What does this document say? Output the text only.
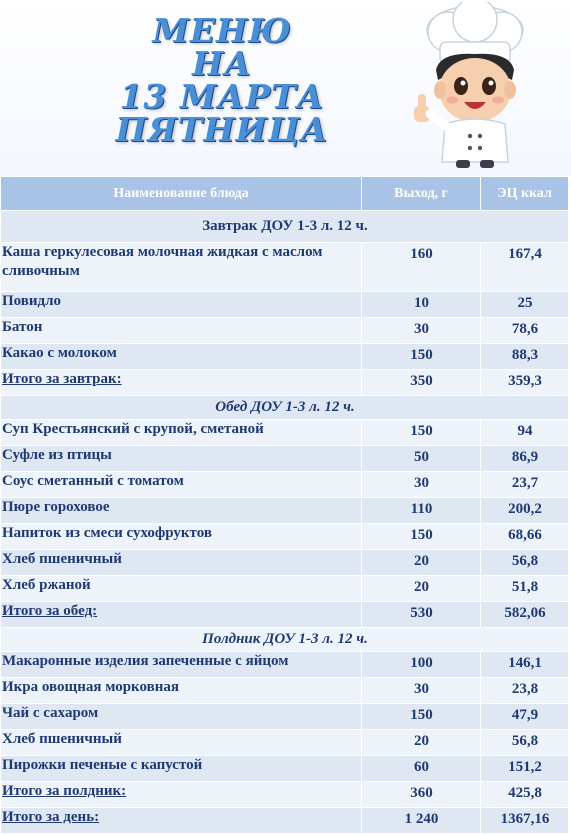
МЕНЮ
НА
13 МАРТА
ПЯТНИЦА
Наименование блюда	Выход, г	ЭЦ ккал
Завтрак ДОУ 1-3 л. 12 ч.		
Каша геркулесовая молочная жидкая с маслом сливочным	160	167,4
Повидло	10	25
Батон	30	78,6
Какао с молоком	150	88,3
Итого за завтрак:	350	359,3
Обед ДОУ 1-3 л. 12 ч.		
Суп Крестьянский с крупой, сметаной	150	94
Суфле из птицы	50	86,9
Соус сметанный с томатом	30	23,7
Пюре гороховое	110	200,2
Напиток из смеси сухофруктов	150	68,66
Хлеб пшеничный	20	56,8
Хлеб ржаной	20	51,8
Итого за обед:	530	582,06
Полдник ДОУ 1-3 л. 12 ч.		
Макаронные изделия запеченные с яйцом	100	146,1
Икра овощная морковная	30	23,8
Чай с сахаром	150	47,9
Хлеб пшеничный	20	56,8
Пирожки печеные с капустой	60	151,2
Итого за полдник:	360	425,8
Итого за день:	1 240	1367,16
